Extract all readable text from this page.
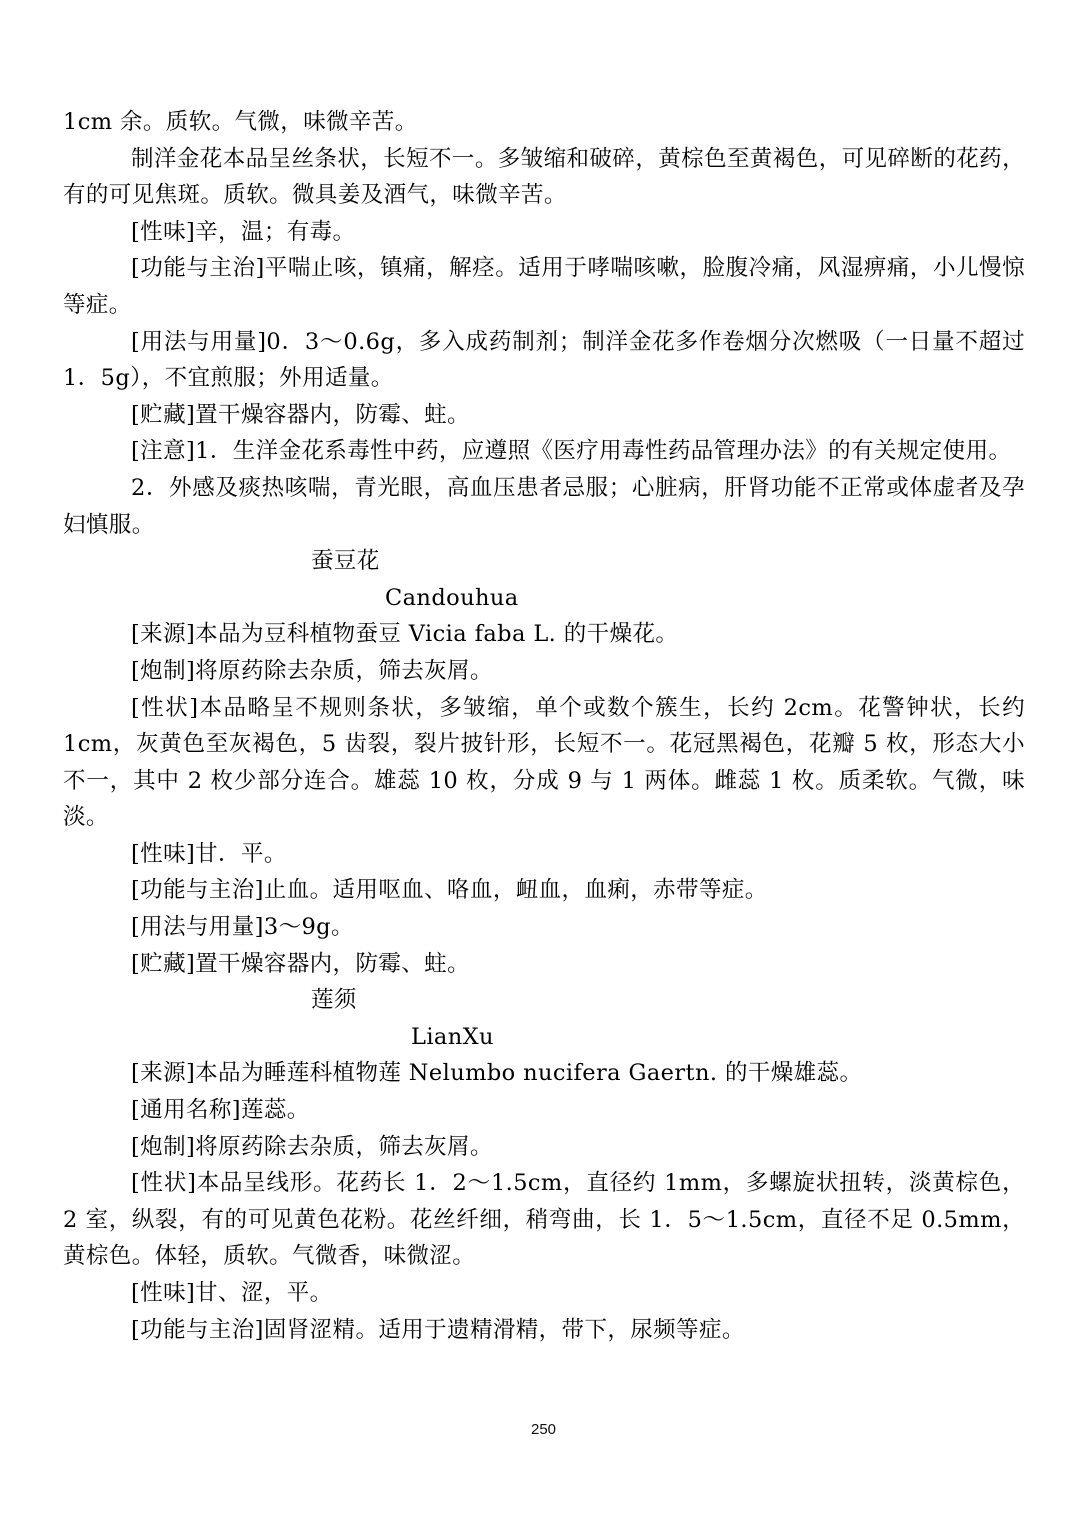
1cm 余。质软。气微，味微辛苦。

制洋金花本品呈丝条状，长短不一。多皱缩和破碎，黄棕色至黄褐色，可见碎断的花药，有的可见焦斑。质软。微具姜及酒气，味微辛苦。

[性味]辛，温；有毒。

[功能与主治]平喘止咳，镇痛，解痉。适用于哮喘咳嗽，脸腹冷痛，风湿痹痛，小儿慢惊等症。

[用法与用量]0．3～0.6g，多入成药制剂；制洋金花多作卷烟分次燃吸（一日量不超过 1．5g），不宜煎服；外用适量。

[贮藏]置干燥容器内，防霉、蛀。

[注意]1．生洋金花系毒性中药，应遵照《医疗用毒性药品管理办法》的有关规定使用。

2．外感及痰热咳喘，青光眼，高血压患者忌服；心脏病，肝肾功能不正常或体虚者及孕妇慎服。

蚕豆花

Candouhua

[来源]本品为豆科植物蚕豆 Vicia faba L. 的干燥花。

[炮制]将原药除去杂质，筛去灰屑。

[性状]本品略呈不规则条状，多皱缩，单个或数个簇生，长约 2cm。花警钟状，长约 1cm，灰黄色至灰褐色，5 齿裂，裂片披针形，长短不一。花冠黑褐色，花瓣 5 枚，形态大小不一，其中 2 枚少部分连合。雄蕊 10 枚，分成 9 与 1 两体。雌蕊 1 枚。质柔软。气微，味淡。

[性味]甘．平。

[功能与主治]止血。适用呕血、咯血，衄血，血痢，赤带等症。

[用法与用量]3～9g。

[贮藏]置干燥容器内，防霉、蛀。

莲须

LianXu

[来源]本品为睡莲科植物莲 Nelumbo nucifera Gaertn. 的干燥雄蕊。

[通用名称]莲蕊。

[炮制]将原药除去杂质，筛去灰屑。

[性状]本品呈线形。花药长 1．2～1.5cm，直径约 1mm，多螺旋状扭转，淡黄棕色，2 室，纵裂，有的可见黄色花粉。花丝纤细，稍弯曲，长 1．5～1.5cm，直径不足 0.5mm，黄棕色。体轻，质软。气微香，味微涩。

[性味]甘、涩，平。

[功能与主治]固肾涩精。适用于遗精滑精，带下，尿频等症。

250
